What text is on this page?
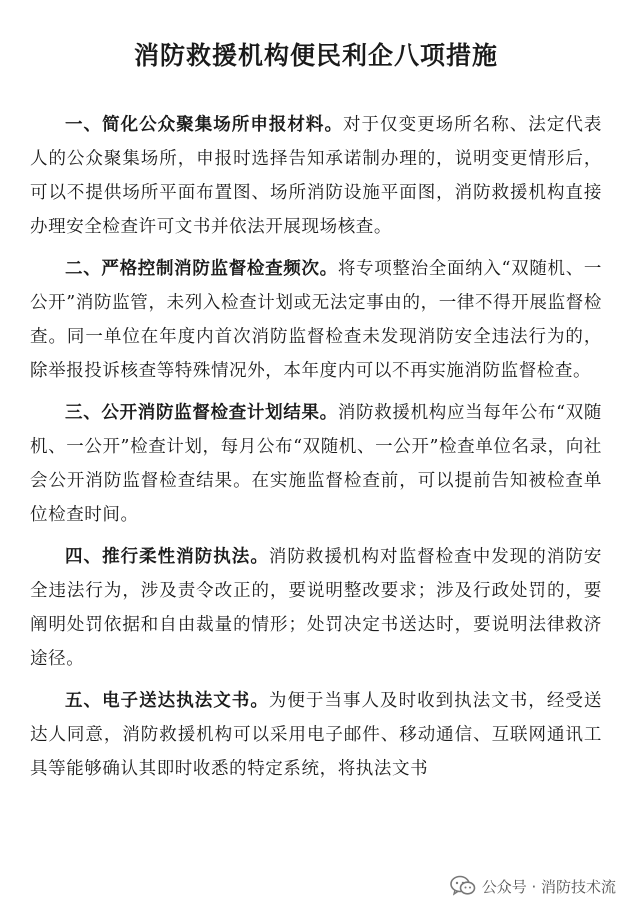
消防救援机构便民利企八项措施

一、简化公众聚集场所申报材料。对于仅变更场所名称、法定代表人的公众聚集场所，申报时选择告知承诺制办理的，说明变更情形后，可以不提供场所平面布置图、场所消防设施平面图，消防救援机构直接办理安全检查许可文书并依法开展现场核查。

二、严格控制消防监督检查频次。将专项整治全面纳入“双随机、一公开”消防监管，未列入检查计划或无法定事由的，一律不得开展监督检查。同一单位在年度内首次消防监督检查未发现消防安全违法行为的，除举报投诉核查等特殊情况外，本年度内可以不再实施消防监督检查。

三、公开消防监督检查计划结果。消防救援机构应当每年公布“双随机、一公开”检查计划，每月公布“双随机、一公开”检查单位名录，向社会公开消防监督检查结果。在实施监督检查前，可以提前告知被检查单位检查时间。

四、推行柔性消防执法。消防救援机构对监督检查中发现的消防安全违法行为，涉及责令改正的，要说明整改要求；涉及行政处罚的，要阐明处罚依据和自由裁量的情形；处罚决定书送达时，要说明法律救济途径。

五、电子送达执法文书。为便于当事人及时收到执法文书，经受送达人同意，消防救援机构可以采用电子邮件、移动通信、互联网通讯工具等能够确认其即时收悉的特定系统，将执法文书

公众号 · 消防技术流
